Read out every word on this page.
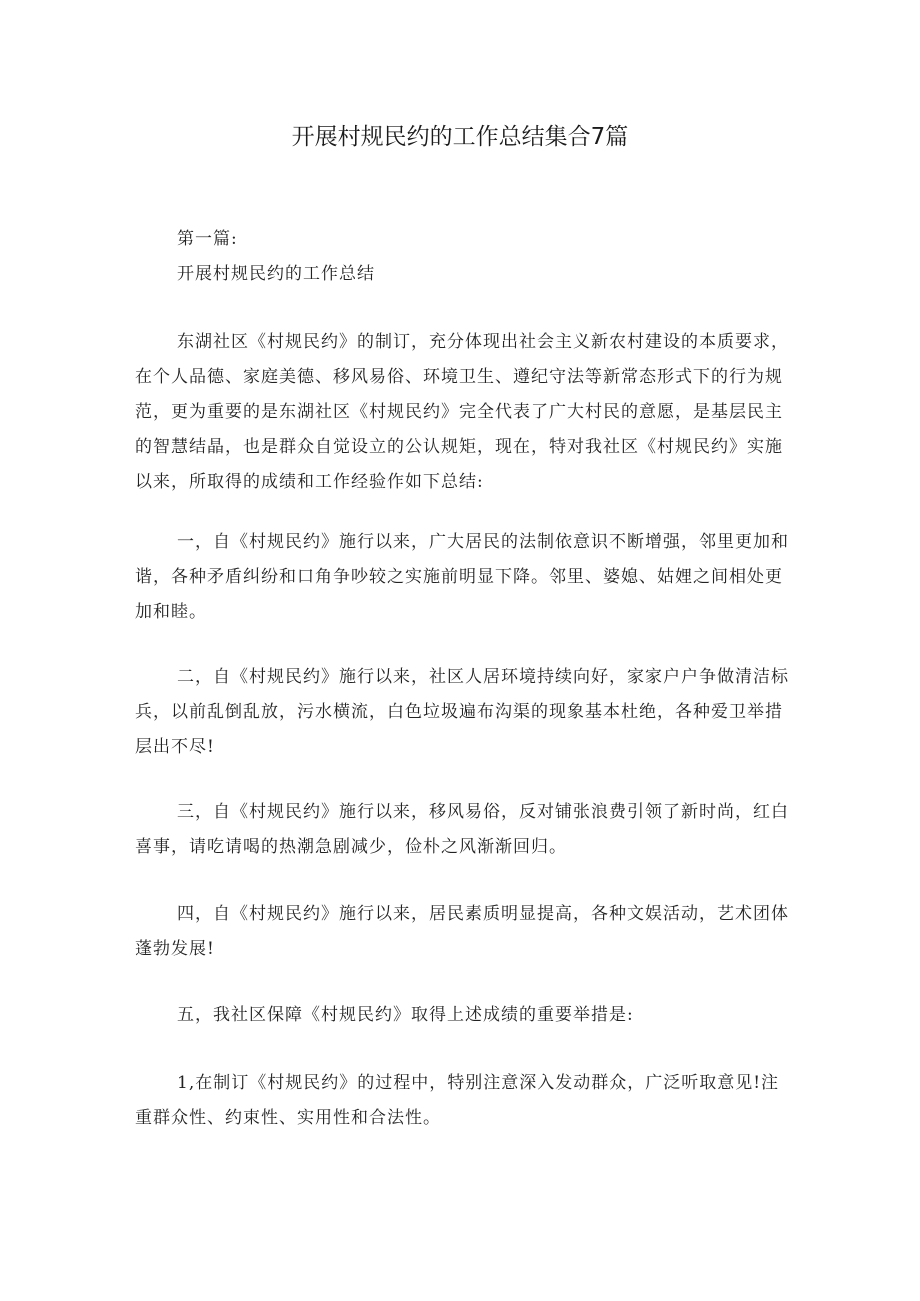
开展村规民约的工作总结集合7篇
第一篇:
开展村规民约的工作总结

东湖社区《村规民约》的制订，充分体现出社会主义新农村建设的本质要求，在个人品德、家庭美德、移风易俗、环境卫生、遵纪守法等新常态形式下的行为规范，更为重要的是东湖社区《村规民约》完全代表了广大村民的意愿，是基层民主的智慧结晶，也是群众自觉设立的公认规矩，现在，特对我社区《村规民约》实施以来，所取得的成绩和工作经验作如下总结:

一，自《村规民约》施行以来，广大居民的法制依意识不断增强，邻里更加和谐，各种矛盾纠纷和口角争吵较之实施前明显下降。邻里、婆媳、姑娌之间相处更加和睦。

二，自《村规民约》施行以来，社区人居环境持续向好，家家户户争做清洁标兵，以前乱倒乱放，污水横流，白色垃圾遍布沟渠的现象基本杜绝，各种爱卫举措层出不尽!

三，自《村规民约》施行以来，移风易俗，反对铺张浪费引领了新时尚，红白喜事，请吃请喝的热潮急剧减少，俭朴之风渐渐回归。

四，自《村规民约》施行以来，居民素质明显提高，各种文娱活动，艺术团体蓬勃发展!

五，我社区保障《村规民约》取得上述成绩的重要举措是:

1,在制订《村规民约》的过程中，特别注意深入发动群众，广泛听取意见!注重群众性、约束性、实用性和合法性。
